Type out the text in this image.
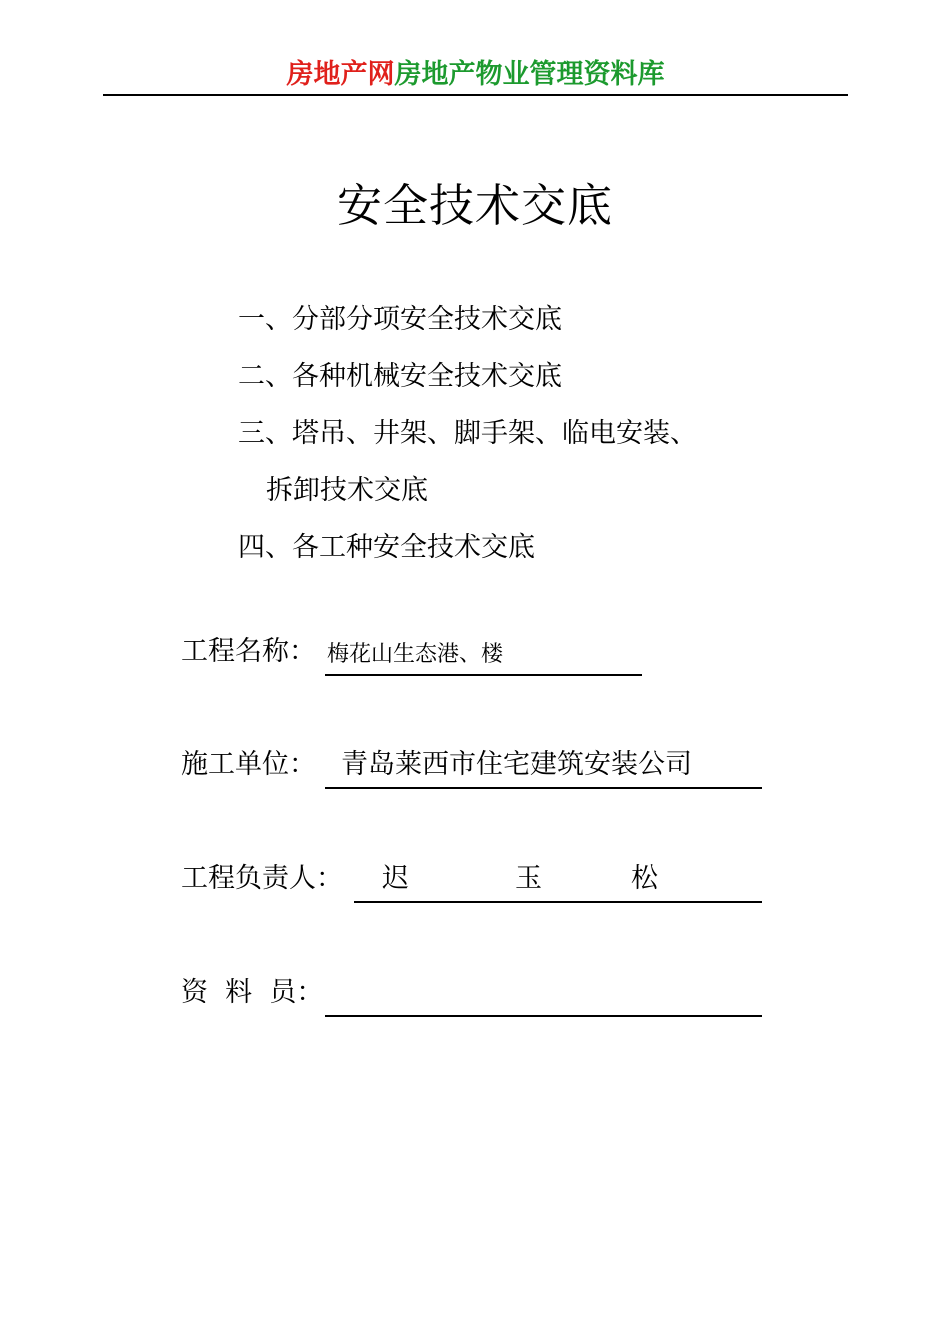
房地产网房地产物业管理资料库
安全技术交底
一、分部分项安全技术交底
二、各种机械安全技术交底
三、塔吊、井架、脚手架、临电安装、
拆卸技术交底
四、各工种安全技术交底
工程名称： 梅花山生态港、楼
施工单位： 青岛莱西市住宅建筑安装公司
工程负责人： 迟	玉	松
资  料  员：
